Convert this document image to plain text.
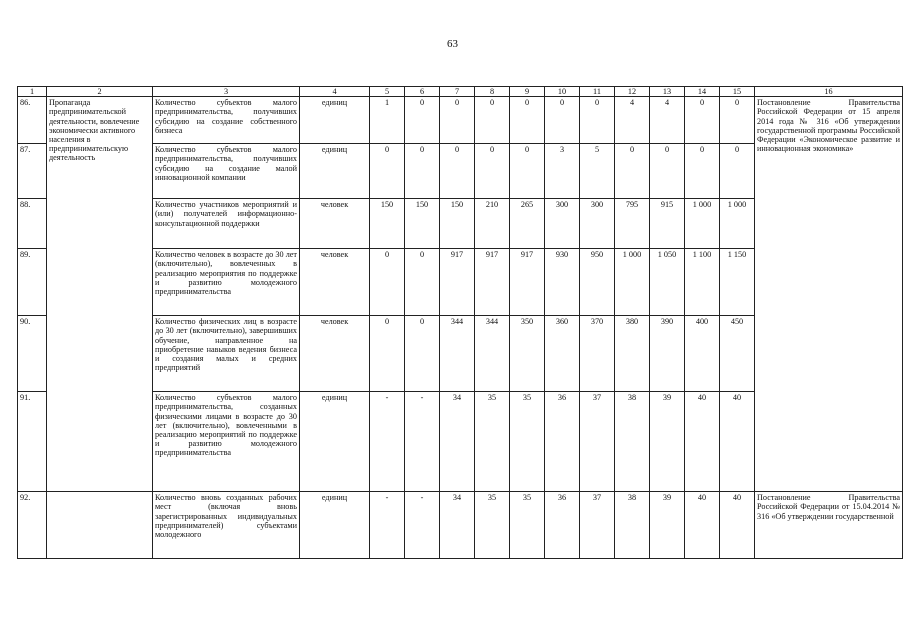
63
1	2	3	4	5	6	7	8	9	10	11	12	13	14	15	16
86.	Пропаганда предпринимательской деятельности, вовлечение экономически активного населения в предпринимательскую деятельность	Количество субъектов малого предпринимательства, получивших субсидию на создание собственного бизнеса	единиц	1	0	0	0	0	0	0	4	4	0	0	Постановление Правительства Российской Федерации от 15 апреля 2014 года № 316 «Об утверждении государственной программы Российской Федерации «Экономическое развитие и инновационная экономика»
87.		Количество субъектов малого предпринимательства, получивших субсидию на создание малой инновационной компании	единиц	0	0	0	0	0	3	5	0	0	0	0	
88.		Количество участников мероприятий и (или) получателей информационно-консультационной поддержки	человек	150	150	150	210	265	300	300	795	915	1 000	1 000	
89.		Количество человек в возрасте до 30 лет (включительно), вовлеченных в реализацию мероприятия по поддержке и развитию молодежного предпринимательства	человек	0	0	917	917	917	930	950	1 000	1 050	1 100	1 150	
90.		Количество физических лиц в возрасте до 30 лет (включительно), завершивших обучение, направленное на приобретение навыков ведения бизнеса и создания малых и средних предприятий	человек	0	0	344	344	350	360	370	380	390	400	450	
91.		Количество субъектов малого предпринимательства, созданных физическими лицами в возрасте до 30 лет (включительно), вовлеченными в реализацию мероприятий по поддержке и развитию молодежного предпринимательства	единиц	-	-	34	35	35	36	37	38	39	40	40	
92.		Количество вновь созданных рабочих мест (включая вновь зарегистрированных индивидуальных предпринимателей) субъектами молодежного	единиц	-	-	34	35	35	36	37	38	39	40	40	Постановление Правительства Российской Федерации от 15.04.2014 № 316 «Об утверждении государственной
